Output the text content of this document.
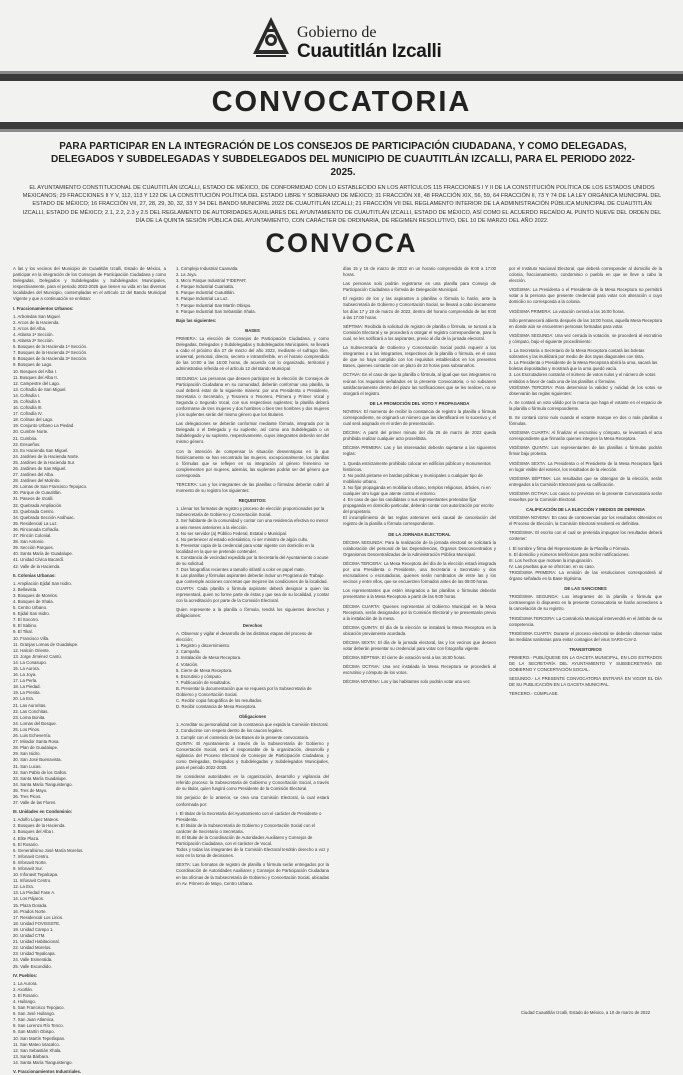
Gobierno de
Cuautitlán Izcalli
CONVOCATORIA
PARA PARTICIPAR EN LA INTEGRACIÓN DE LOS CONSEJOS DE PARTICIPACIÓN CIUDADANA, Y COMO DELEGADAS, DELEGADOS Y SUBDELEGADAS Y SUBDELEGADOS DEL MUNICIPIO DE CUAUTITLÁN IZCALLI, PARA EL PERIODO 2022-2025.
EL AYUNTAMIENTO CONSTITUCIONAL DE CUAUTITLÁN IZCALLI, ESTADO DE MÉXICO, DE CONFORMIDAD CON LO ESTABLECIDO EN LOS ARTÍCULOS 115 FRACCIONES I Y II DE LA CONSTITUCIÓN POLÍTICA DE LOS ESTADOS UNIDOS MEXICANOS; 29 FRACCIONES II Y V, 112, 113 Y 122 DE LA CONSTITUCIÓN POLÍTICA DEL ESTADO LIBRE Y SOBERANO DE MÉXICO; 31 FRACCIÓN XII, 48 FRACCIÓN XIX, 56, 59, 64 FRACCIÓN II, 73 Y 74 DE LA LEY ORGÁNICA MUNICIPAL DEL ESTADO DE MÉXICO; 16 FRACCIÓN VII, 27, 28, 29, 30, 32, 33 Y 34 DEL BANDO MUNICIPAL 2022 DE CUAUTITLÁN IZCALLI; 21 FRACCIÓN VII DEL REGLAMENTO INTERIOR DE LA ADMINISTRACIÓN PÚBLICA MUNICIPAL DE CUAUTITLÁN IZCALLI, ESTADO DE MÉXICO; 2.1, 2.2, 2.3 y 2.5 DEL REGLAMENTO DE AUTORIDADES AUXILIARES DEL AYUNTAMIENTO DE CUAUTITLÁN IZCALLI, ESTADO DE MÉXICO, ASÍ COMO EL ACUERDO RECAÍDO AL PUNTO NUEVE DEL ORDEN DEL DÍA DE LA QUINTA SESIÓN PÚBLICA DEL AYUNTAMIENTO, CON CARÁCTER DE ORDINARIA, DE RÉGIMEN RESOLUTIVO, DEL 10 DE MARZO DEL AÑO 2022.
CONVOCA

A las y los vecinos del Municipio de Cuautitlán Izcalli, Estado de México, a participar en la integración de los Consejos de Participación Ciudadana y como Delegadas, Delegados y Subdelegadas y Subdelegados Municipales, respectivamente, para el periodo 2022-2025 que tienen su vida en las diversas localidades del Municipio, contempladas en el artículo 12 del Bando Municipal Vigente y que a continuación se enlistan:

I. Fraccionamientos Urbanos:

1. Arboledas San Miguel.

2. Arcos de la Hacienda.

3. Arcos del Alba.

4. Atlanta 1ª Sección.

5. Atlanta 2ª Sección.

6. Bosques de la Hacienda 1ª Sección.

7. Bosques de la Hacienda 2ª Sección.

8. Bosques de la Hacienda 3ª Sección.

9. Bosques de Lago.

10. Bosques del Alba I.

11. Bosques del Alba II.

12. Campestre del Lago.

13. Cofradía de San Miguel.

14. Cofradía I.

15. Cofradía II.

16. Cofradía III.

17. Cofradía IV.

18. Colinas del Lago.

19. Conjunto Urbano La Piedad.

20. Cumbre Norte.

21. Cumbria.

22. Ensueños.

23. Ex Hacienda San Miguel.

24. Jardines de la Hacienda Norte.

25. Jardines de la Hacienda Sur.

26. Jardines de San Miguel.

27. Jardines del Alba.

28. Jardines del Molinito.

29. Lomas de San Francisco Tepojaco.

30. Parque de Cuautitlán.

31. Paseos de Izcalli.

32. Quebrada Ampliación.

33. Quebrada Centro.

34. Quebrada Sección Anáhuac.

35. Residencial La Luz.

36. Rinconada Cofradía.

37. Rincón Colonial.

38. San Antonio.

39. Sección Parques.

40. Santa María de Guadalupe.

41. Unidad Cívica Bacardí.

42. Valle de la Hacienda.

II. Colonias Urbanas:

1. Ampliación Ejidal San Isidro.

2. Bellavista.

3. Bosques de Morelos.

4. Bosques de Xhala.

5. Centro Urbano.

6. Ejidal San Isidro.

7. El Socorro.

8. El Sabino.

9. El Tikal.

10. Francisco Villa.

11. Granjas Lomas de Guadalupe.

12. Halcón Oriente.

13. Jorge Jiménez Cantú.

14. La Conasupo.

15. La Aurora.

16. La Joya.

17. La Perla.

18. La Piedad.

19. La Presita.

20. La Era.

21. Las Auroritas.

22. Las Conchitas.

23. Loma Bonita.

24. Lomas del Bosque.

25. Los Pinos.

26. Luis Echeverría.

27. Mirador Santa Rosa.

28. Plan de Guadalupe.

29. San Isidro.

30. San José Buenavista.

31. San Lucas.

32. San Pablo de los Gallos.

33. Santa María Guadalupe.

34. Santa María Tianguistengo.

35. Tres de Mayo.

36. Tres Picos.

37. Valle de las Flores.

III. Unidades en Condominio:

1. Adolfo López Mateos.

2. Bosques de la Hacienda.

3. Bosques del Alba I.

4. Elite Plaza.

5. El Rosario.

6. Generalísimo José María Morelos.

7. Infonavit Centro.

8. Infonavit Norte.

9. Infonavit Sur.

10. Infonavit Tepalcapa.

11. Infonavit Centro.

12. La Era.

13. La Piedad Fase A.

14. Los Pájaros.

15. Plaza Dorada.

16. Prados Norte.

17. Residencial Los Lirios.

18. Unidad FOVISSSTE.

19. Unidad Campo 1.

20. Unidad CTM.

21. Unidad Habitacional.

22. Unidad Morelos.

23. Unidad Tepalcapa.

24. Valle Esmeralda.

25. Valle Escondido.

IV. Pueblos:

1. La Aurora.

2. Axotlán.

3. El Rosario.

4. Huilango.

5. San Francisco Tepojaco.

6. San José Huilango.

7. San Juan Atlamica.

8. San Lorenzo Río Tenco.

9. San Martín Obispo.

10. San Martín Tepetlixpan.

11. San Mateo Ixtacalco.

12. San Sebastián Xhala.

13. Santa Bárbara.

14. Santa María Tianguistengo.

V. Fraccionamientos Industriales.

1. Complejo Industrial Cuamatla.

2. La Joya.

3. Micro Parque Industrial 'FIDEPAR'.

4. Parque Industrial Cuamatla.

5. Parque Industrial Cuautitlán.

6. Parque Industrial La Luz.

7. Parque Industrial San Martín Obispo.

8. Parque Industrial San Sebastián Xhala.

Bajo las siguientes:

BASES

PRIMERA: La elección de Consejos de Participación Ciudadana, y como Delegadas, Delegados y Subdelegadas y Subdelegados Municipales, se llevará a cabo el próximo día 27 de marzo del año 2022, mediante el sufragio libre, universal, personal, directo, secreto e intransferible, en el horario comprendido de las 10:00 a las 16:00 horas, de acuerdo con lo organizado, territorial y administrativa referida en el artículo 12 del Bando Municipal.

SEGUNDA: Las personas que deseen participar en la elección de Consejos de Participación Ciudadana en su comunidad, deberán conformar una planilla, la cual deberá estar de la siguiente manera: por una Presidenta o Presidente, Secretaria o Secretario, y Tesorera o Tesorero, Primera y Primer Vocal y Segunda o Segundo Vocal, con sus respectivos suplentes; la planilla deberá conformarse de tres mujeres y dos hombres o bien tres hombres y dos mujeres y los suplentes serán del mismo género que los titulares.

Las delegaciones se deberán conformar mediante fórmula, integrada por la Delegada o el Delegado y su suplente, así como una Subdelegada o un Subdelegado y su suplente, respectivamente, cuyos integrantes deberán ser del mismo género.

Con la intención de compensar la situación desventajosa en la que históricamente se han encontrado las mujeres, excepcionalmente, los planillas o fórmulas que se reflejen en su integración al género femenino se complementen por mujeres, además, las suplentes podrán ser del género que corresponda.

TERCERA: Los y los integrantes de las planillas o fórmulas deberán cubrir al momento de su registro los siguientes:

REQUISITOS:

1. Llenar los formatos de registro y proceso de elección proporcionados por la Subsecretaría de Gobierno y Concertación Social.

2. Ser habitante de la comunidad y contar con una residencia efectiva no menor a seis meses anteriores a la elección.

3. No ser servidor (a) Público Federal, Estatal o Municipal.

4. No pertenecer al estado eclesiástico, ni ser ministro de algún culto.

5. Presentar copia de la credencial para votar vigente con domicilio en la localidad en la que se pretende contender.

6. Constancia de vecindad expedida por la Secretaría del Ayuntamiento o acuse de su solicitud.

7. Dos fotografías recientes a tamaño infantil a color en papel mate.

8. Las planillas y fórmulas aspirantes deberán incluir un Programa de Trabajo que contemple acciones concretas que mejoren las condiciones de la localidad.

CUARTA: Cada planilla o fórmula aspirante deberá designar a quien las representará, quien no forme parte de éstas y que sea de su localidad, y contar con la acreditación por parte de la Comisión Electoral.

Quien represente a la planilla o fórmula, tendrá los siguientes derechos y obligaciones:

Derechos

A. Observar y vigilar el desarrollo de las distintas etapas del proceso de elección;

1. Registro y discernimiento.

2. Campaña.

3. Instalación de Mesa Receptora.

4. Votación.

5. Cierre de Mesa Receptora.

6. Escrutinio y cómputo.

7. Publicación de resultados.

B. Presentar la documentación que se requiera por la Subsecretaría de Gobierno y Concertación Social.

C. Recibir copia fotográfica de los resultados.

D. Recibir constancia de Mesa Receptora.

Obligaciones

1. Acreditar su personalidad con la constancia que expida la Comisión Electoral.

2. Conducirse con respeto dentro de los cauces legales.

3. Cumplir con el contenido de las Bases de la presente convocatoria.

QUINTA: El Ayuntamiento a través de la Subsecretaría de Gobierno y Concertación Social, será el responsable de la organización, desarrollo y vigilancia del Proceso Electoral de Consejos de Participación Ciudadana, y como Delegadas, Delegados y Subdelegadas y Subdelegados Municipales, para el periodo 2022-2025.

Se consideran autoridades en la organización, desarrollo y vigilancia del referido proceso: la Subsecretaría de Gobierno y Concertación Social, a través de su titular, quien fungirá como Presidente de la Comisión Electoral.

Sin perjuicio de lo anterior, se crea una Comisión Electoral, la cual estará conformada por:

I. El titular de la Secretaría del Ayuntamiento con el carácter de Presidente o Presidenta.

II. El titular de la Subsecretaría de Gobierno y Concertación Social con el carácter de Secretario o Secretaria.

III. El titular de la Coordinación de Autoridades Auxiliares y Consejos de Participación Ciudadana, con el carácter de Vocal.

Todos y todas las integrantes de la Comisión Electoral tendrán derecho a voz y voto en la toma de decisiones.

SEXTA: Las formatos de registro de planilla o fórmula serán entregados por la Coordinación de Autoridades Auxiliares y Consejos de Participación Ciudadana en las oficinas de la Subsecretaría de Gobierno y Concertación Social, ubicadas en Av. Primero de Mayo, Centro Urbano.

días 15 y 16 de marzo de 2022 en un horario comprendido de 9:00 a 17:00 horas.

Las personas solo podrán registrarse en una planilla para Consejo de Participación Ciudadana o fórmula de Delegación Municipal.

El registro de los y las aspirantes a planillas o fórmula lo harán, ante la Subsecretaría de Gobierno y Concertación Social, se llevará a cabo únicamente los días 17 y 18 de marzo de 2022, dentro del horario comprendido de las 9:00 a las 17:00 horas.

SÉPTIMA: Recibida la solicitud de registro de planilla o fórmula, se turnará a la Comisión Electoral y se procederá a otorgar el registro correspondiente, para lo cual, se les notificará a los aspirantes, previo al día de la jornada electoral.

La Subsecretaría de Gobierno y Concertación Social podrá requerir a los integrantes o a los integrantes, respectivos de la planilla o fórmula, en el caso de que no haya cumplido con los requisitos establecidos en los presentes Bases, quienes contarán con un plazo de 24 horas para subsanarlos.

OCTAVA: En el caso de que la planilla o fórmula, al igual que sus integrantes no reúnan los requisitos señalados en la presente Convocatoria, o no subsanen satisfactoriamente dentro del plazo las notificaciones que se les realicen, no se otorgará el registro.

DE LA PROMOCIÓN DEL VOTO Y PROPAGANDA

NOVENA: El momento de recibir la constancia de registro la planilla o fórmula correspondiente, se originará un número que las identificará en lo sucesivo y, el cual será asignado en el orden de presentación.

DÉCIMA: A partir del primer minuto del día 26 de marzo de 2022 queda prohibida realizar cualquier acto proselitista.

DÉCIMA PRIMERA: Las y los interesados deberán sujetarse a las siguientes reglas:

1. Queda estrictamente prohibido colocar en edificios públicos y monumentos históricos.

2. No podrá pintarse en bardas públicas y municipales o cualquier tipo de mobiliario urbano.

3. No fijar propaganda en mobiliario urbano, templos religiosos, árboles, ni en cualquier otro lugar que atente contra el entorno.

4. En caso de que los candidatos o sus representantes pretendan fijar propaganda en domicilio particular, deberán contar con autorización por escrito del propietario.

El incumplimiento de las reglas anteriores será causal de cancelación del registro de la planilla o fórmula correspondiente.

DE LA JORNADA ELECTORAL

DÉCIMA SEGUNDA: Para la realización de la jornada electoral se solicitará la colaboración del personal de las Dependencias, Órganos Desconcentrados y Organismos Descentralizados de la Administración Pública Municipal.

DÉCIMA TERCERA: La Mesa Receptora del día de la elección estará integrada por una Presidenta o Presidente, una Secretaria o Secretario y dos escrutadores o escrutadoras, quienes serán nombrados de entre las y los vecinos y entre ellos, que se encuentren formados antes de las 09:00 horas.

Los representantes que estén integrados a las planillas o fórmulas deberán presentarse a la Mesa Receptora a partir de las 9:00 horas.

DÉCIMA CUARTA: Quienes representan al Gobierno Municipal en la Mesa Receptora, serán designados por la Comisión Electoral y se presentarán previo a la instalación de la mesa.

DÉCIMA QUINTA: El día de la elección se instalará la Mesa Receptora en la ubicación previamente acordada.

DÉCIMA SEXTA: El día de la jornada electoral, las y los vecinos que deseen votar deberán presentar su credencial para votar con fotografía vigente.

DÉCIMA SÉPTIMA: El cierre de votación será a las 16:00 horas.

DÉCIMA OCTAVA: Una vez instalada la Mesa Receptora se procederá al escrutinio y cómputo de los votos.

DÉCIMA NOVENA: Los y las habitantes solo podrán votar una vez.

por el Instituto Nacional Electoral, que deberá corresponder al domicilio de la colonia, fraccionamiento, condominio o pueblo en que se lleve a cabo la elección.

VIGÉSIMA: La Presidenta o el Presidente de la Mesa Receptora no permitirá votar a la persona que presente credencial para votar con alteración o cuyo domicilio no corresponda a la colonia.

VIGÉSIMA PRIMERA: La votación cerrará a las 16:00 horas.

Sólo permanecerá abierta después de las 16:00 horas, aquella Mesa Receptora en donde aún se encuentren personas formadas para votar.

VIGÉSIMA SEGUNDA: Una vez cerrada la votación, se procederá al escrutinio y cómputo, bajo el siguiente procedimiento:

1. La Secretaría o Secretario de la Mesa Receptora contará las boletas sobrantes y las inutilizará por medio de dos rayas diagonales con tinta.

2. La Presidenta o Presidente de la Mesa Receptora abrirá la urna, sacará las boletas depositadas y mostrará que la urna quedó vacía.

3. Los Escrutadores contarán el número de votos nulos y el número de votos emitidos a favor de cada una de las planillas o fórmulas.

VIGÉSIMA TERCERA: Para determinar la validez y nulidad de los votos se observarán las reglas siguientes:

A. Se contará un voto válido por la marca que haga el votante en el espacio de la planilla o fórmula correspondiente.

B. Se contará como nulo cuando el votante marque en dos o más planillas o fórmulas.

VIGÉSIMA CUARTA: Al finalizar el escrutinio y cómputo, se levantará el acta correspondiente que firmarán quienes integren la Mesa Receptora.

VIGÉSIMA QUINTA: Los representantes de las planillas o fórmulas podrán firmar bajo protesta.

VIGÉSIMA SEXTA: La Presidenta o el Presidente de la Mesa Receptora fijará en lugar visible del exterior, los resultados de la elección.

VIGÉSIMA SÉPTIMA: Los resultados que se obtengan de la elección, serán entregados a la Comisión Electoral para su calificación.

VIGÉSIMA OCTAVA: Los casos no previstos en la presente Convocatoria serán resueltos por la Comisión Electoral.

CALIFICACIÓN DE LA ELECCIÓN Y MEDIOS DE DEFENSA

VIGÉSIMA NOVENA: En caso de controversias por los resultados obtenidos en el Proceso de Elección, la Comisión Electoral resolverá en definitiva.

TRIGÉSIMA: El escrito con el cual se pretenda impugnar los resultados deberá contener:

I. El nombre y firma del Representante de la Planilla o Fórmula.

II. El domicilio y números telefónicos para recibir notificaciones.

III. Los hechos que motivan la impugnación.

IV. Las pruebas que se ofrezcan, en su caso.

TRIGÉSIMA PRIMERA: La emisión de las resoluciones corresponderá al órgano señalado en la Base trigésima.

DE LAS SANCIONES

TRIGÉSIMA SEGUNDA: Los integrantes de la planilla o fórmula que contravengan lo dispuesto en la presente Convocatoria se harán acreedores a la cancelación de su registro.

TRIGÉSIMA TERCERA: La Contraloría Municipal intervendrá en el ámbito de su competencia.

TRIGÉSIMA CUARTA: Durante el proceso electoral se deberán observar todas las medidas sanitarias para evitar contagios del virus SARS-CoV-2.

TRANSITORIOS

PRIMERO.- PUBLÍQUESE EN LA GACETA MUNICIPAL, EN LOS ESTRADOS DE LA SECRETARÍA DEL AYUNTAMIENTO Y SUBSECRETARÍA DE GOBIERNO Y CONCERTACIÓN SOCIAL.

SEGUNDO.- LA PRESENTE CONVOCATORIA ENTRARÁ EN VIGOR EL DÍA DE SU PUBLICACIÓN EN LA GACETA MUNICIPAL.

TERCERO.- CÚMPLASE.

Ciudad Cuautitlán Izcalli, Estado de México, a 10 de marzo de 2022
